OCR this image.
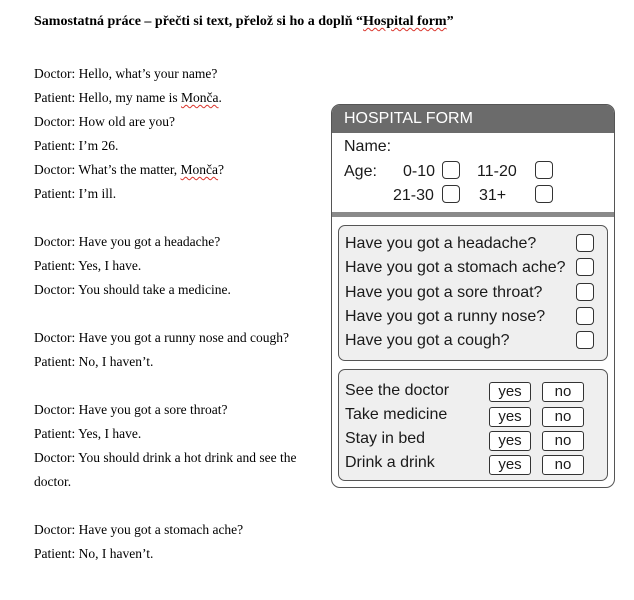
Samostatná práce – přečti si text, přelož si ho a doplň “Hospital form”
Doctor: Hello, what’s your name?
Patient: Hello, my name is Monča.
Doctor: How old are you?
Patient: I’m 26.
Doctor: What’s the matter, Monča?
Patient: I’m ill.
Doctor: Have you got a headache?
Patient: Yes, I have.
Doctor: You should take a medicine.
Doctor: Have you got a runny nose and cough?
Patient: No, I haven’t.
Doctor: Have you got a sore throat?
Patient: Yes, I have.
Doctor: You should drink a hot drink and see the doctor.
Doctor: Have you got a stomach ache?
Patient: No, I haven’t.
HOSPITAL FORM
Name:
Age: 0-10	11-20
21-30	31+
Have you got a headache?
Have you got a stomach ache?
Have you got a sore throat?
Have you got a runny nose?
Have you got a cough?
See the doctor	yes	no
Take medicine	yes	no
Stay in bed	yes	no
Drink a drink	yes	no
